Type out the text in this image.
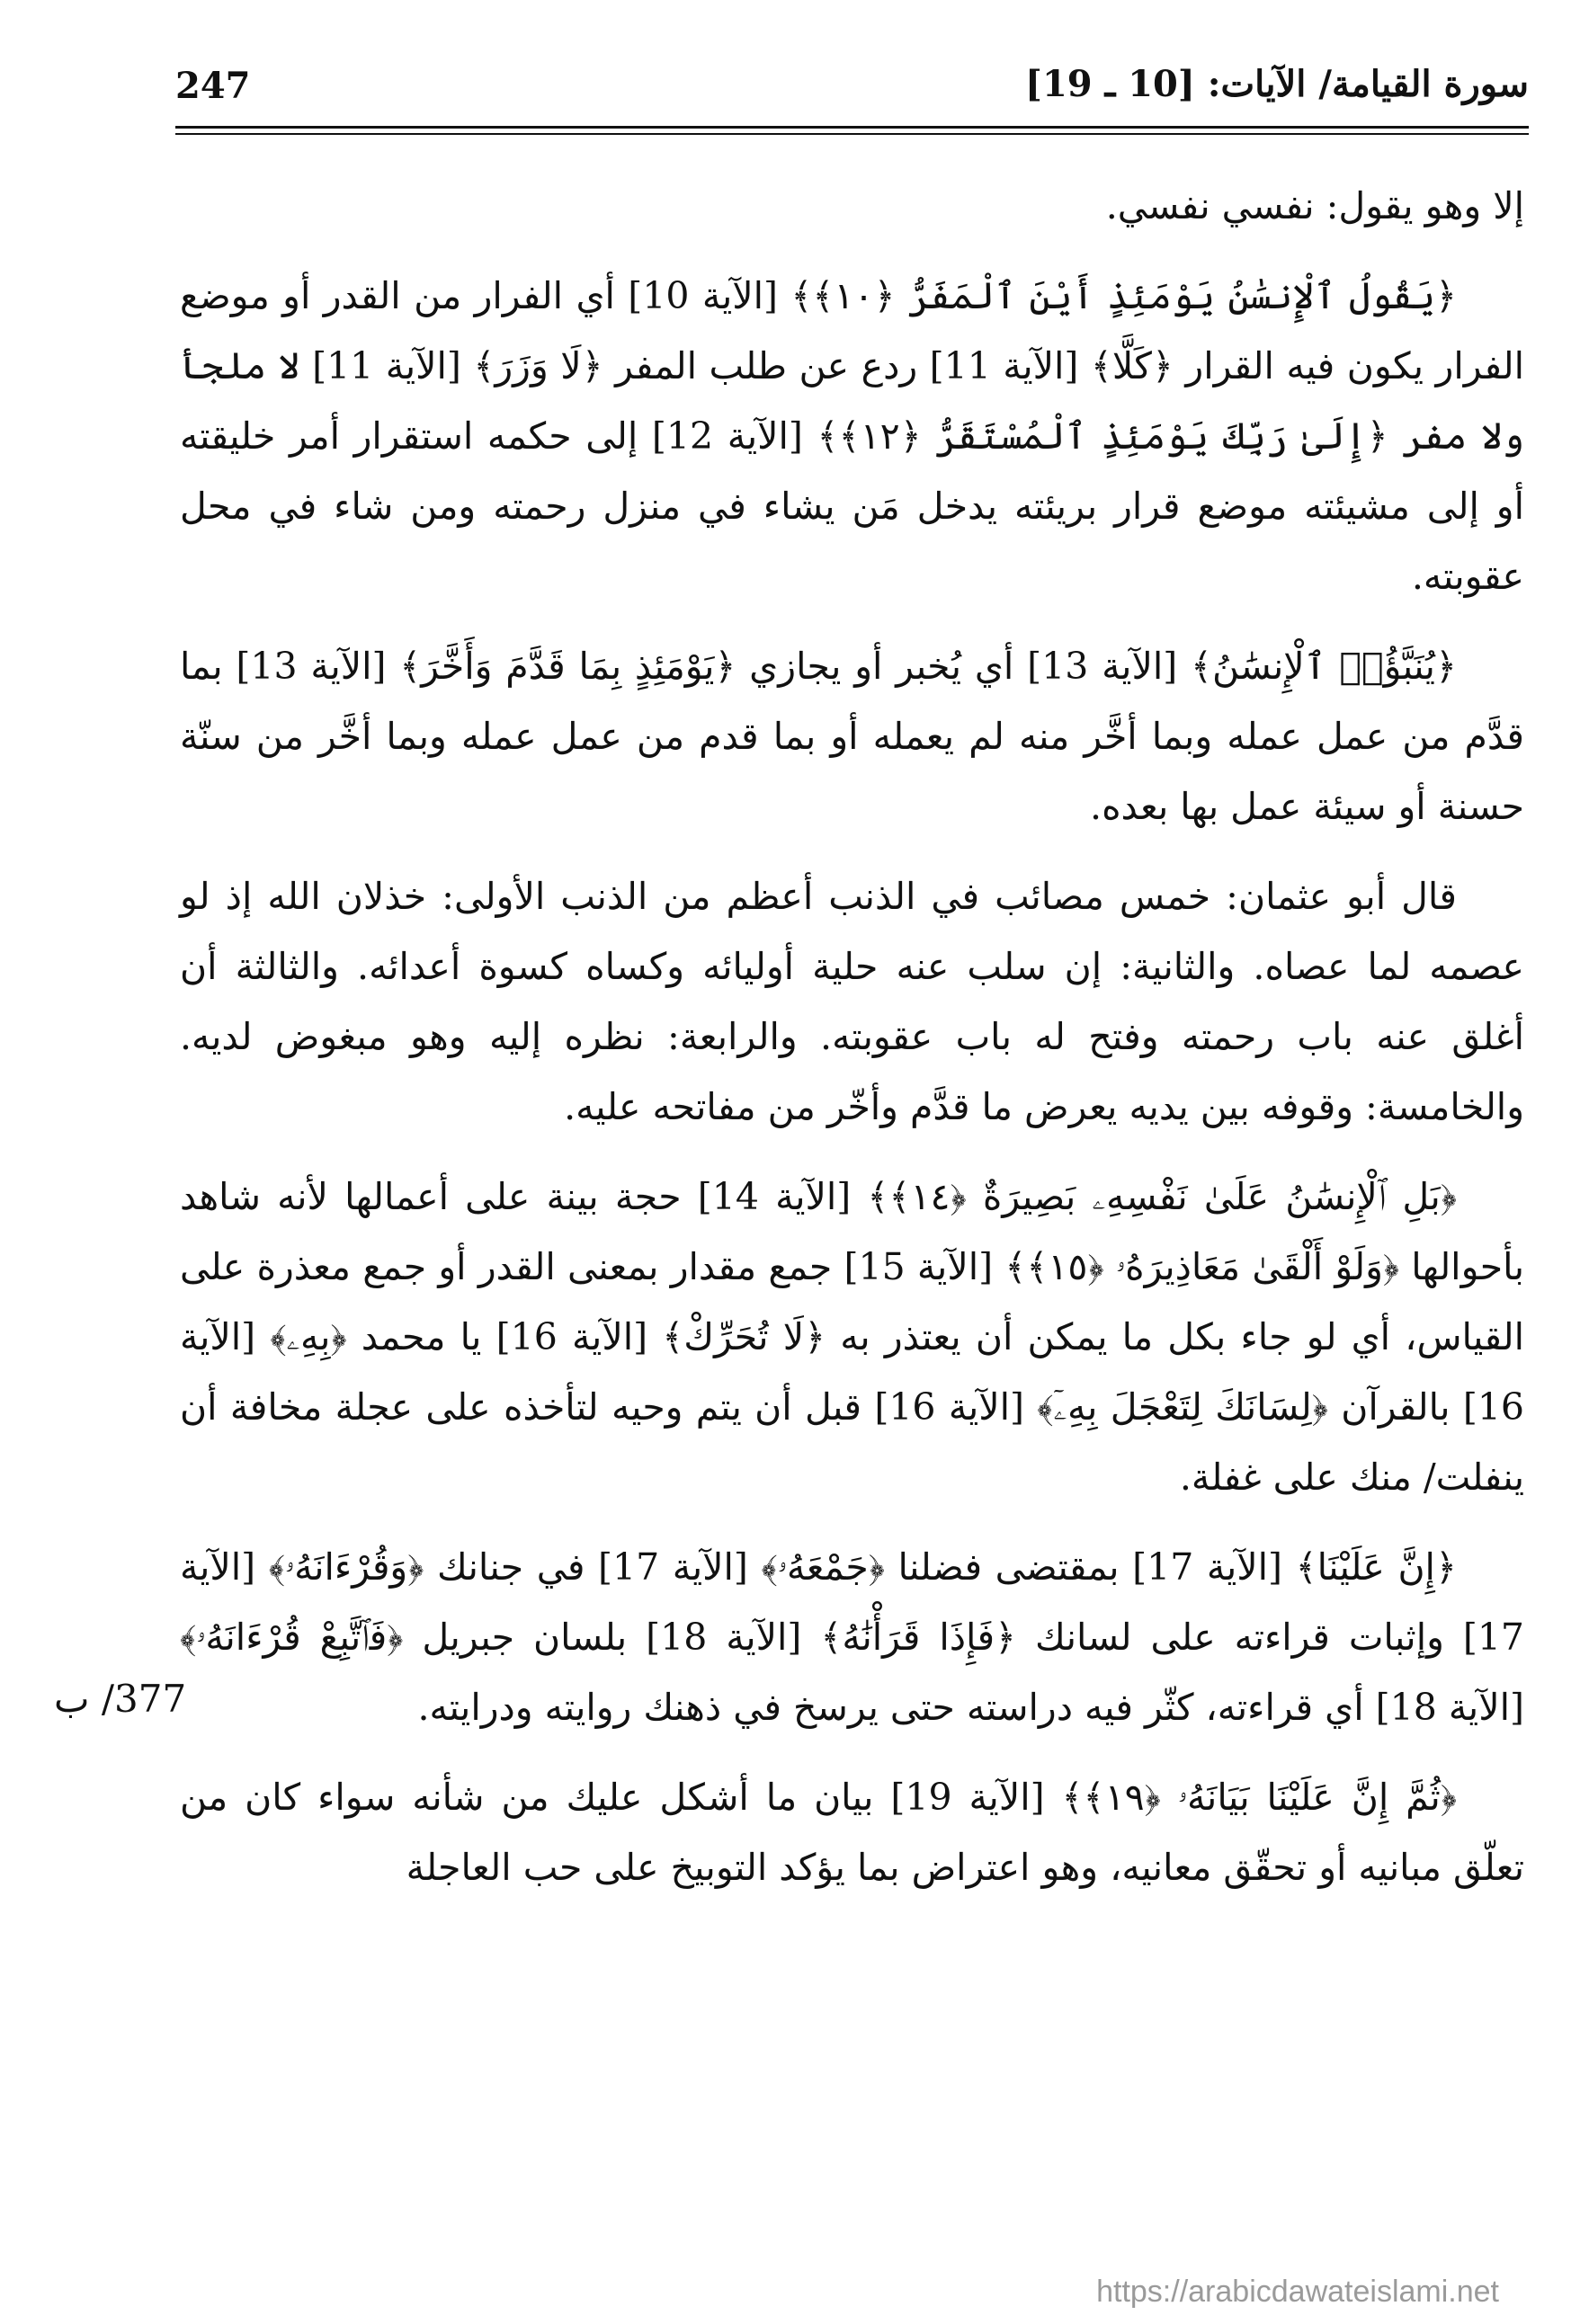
سورة القيامة/ الآيات: [10 ـ 19]
247

إلا وهو يقول: نفسي نفسي.

﴿يَقُولُ ٱلْإِنسَٰنُ يَوْمَئِذٍ أَيْنَ ٱلْمَفَرُّ ﴿١٠﴾﴾ [الآية 10] أي الفرار من القدر أو موضع الفرار يكون فيه القرار ﴿كَلَّا﴾ [الآية 11] ردع عن طلب المفر ﴿لَا وَزَرَ﴾ [الآية 11] لا ملجأ ولا مفر ﴿إِلَىٰ رَبِّكَ يَوْمَئِذٍ ٱلْمُسْتَقَرُّ ﴿١٢﴾﴾ [الآية 12] إلى حكمه استقرار أمر خليقته أو إلى مشيئته موضع قرار بريئته يدخل مَن يشاء في منزل رحمته ومن شاء في محل عقوبته.

﴿يُنَبَّؤُا۟ ٱلْإِنسَٰنُ﴾ [الآية 13] أي يُخبر أو يجازي ﴿يَوْمَئِذٍ بِمَا قَدَّمَ وَأَخَّرَ﴾ [الآية 13] بما قدَّم من عمل عمله وبما أخَّر منه لم يعمله أو بما قدم من عمل عمله وبما أخَّر من سنّة حسنة أو سيئة عمل بها بعده.

قال أبو عثمان: خمس مصائب في الذنب أعظم من الذنب الأولى: خذلان الله إذ لو عصمه لما عصاه. والثانية: إن سلب عنه حلية أوليائه وكساه كسوة أعدائه. والثالثة أن أغلق عنه باب رحمته وفتح له باب عقوبته. والرابعة: نظره إليه وهو مبغوض لديه. والخامسة: وقوفه بين يديه يعرض ما قدَّم وأخّر من مفاتحه عليه.

﴿بَلِ ٱلْإِنسَٰنُ عَلَىٰ نَفْسِهِۦ بَصِيرَةٌ ﴿١٤﴾﴾ [الآية 14] حجة بينة على أعمالها لأنه شاهد بأحوالها ﴿وَلَوْ أَلْقَىٰ مَعَاذِيرَهُۥ ﴿١٥﴾﴾ [الآية 15] جمع مقدار بمعنى القدر أو جمع معذرة على القياس، أي لو جاء بكل ما يمكن أن يعتذر به ﴿لَا تُحَرِّكْ﴾ [الآية 16] يا محمد ﴿بِهِۦ﴾ [الآية 16] بالقرآن ﴿لِسَانَكَ لِتَعْجَلَ بِهِۦٓ﴾ [الآية 16] قبل أن يتم وحيه لتأخذه على عجلة مخافة أن ينفلت/ منك على غفلة.

﴿إِنَّ عَلَيْنَا﴾ [الآية 17] بمقتضى فضلنا ﴿جَمْعَهُۥ﴾ [الآية 17] في جنانك ﴿وَقُرْءَانَهُۥ﴾ [الآية 17] وإثبات قراءته على لسانك ﴿فَإِذَا قَرَأْنَٰهُ﴾ [الآية 18] بلسان جبريل ﴿فَٱتَّبِعْ قُرْءَانَهُۥ﴾ [الآية 18] أي قراءته، كثّر فيه دراسته حتى يرسخ في ذهنك روايته ودرايته.

﴿ثُمَّ إِنَّ عَلَيْنَا بَيَانَهُۥ ﴿١٩﴾﴾ [الآية 19] بيان ما أشكل عليك من شأنه سواء كان من تعلّق مبانيه أو تحقّق معانيه، وهو اعتراض بما يؤكد التوبيخ على حب العاجلة

377/ ب
https://arabicdawateislami.net
